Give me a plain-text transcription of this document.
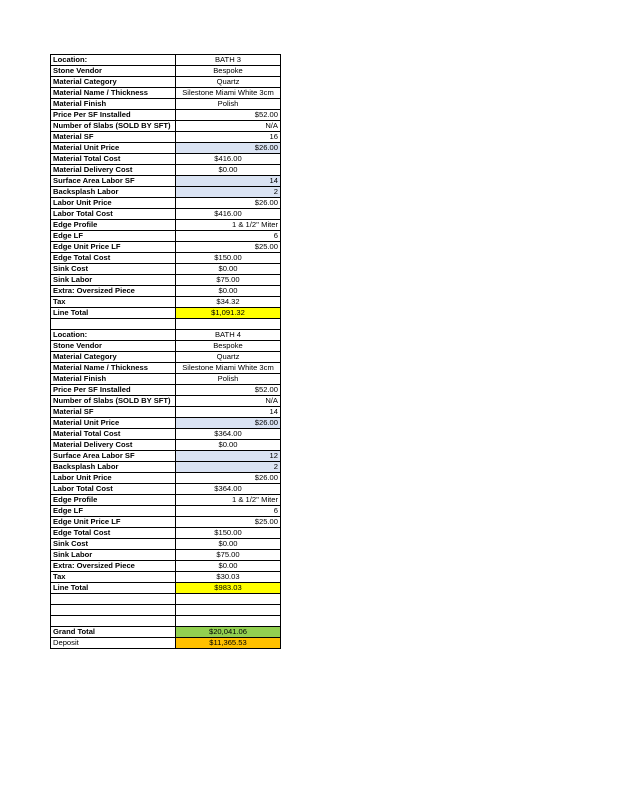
Location:	BATH 3
Stone Vendor	Bespoke
Material Category	Quartz
Material Name / Thickness	Silestone Miami White 3cm
Material Finish	Polish
Price Per SF Installed	$52.00
Number of Slabs (SOLD BY SFT)	N/A
Material SF	16
Material Unit Price	$26.00
Material Total Cost	$416.00
Material Delivery Cost	$0.00
Surface Area Labor SF	14
Backsplash Labor	2
Labor Unit Price	$26.00
Labor Total Cost	$416.00
Edge Profile	1 & 1/2'' Miter
Edge LF	6
Edge Unit Price LF	$25.00
Edge Total Cost	$150.00
Sink Cost	$0.00
Sink Labor	$75.00
Extra: Oversized Piece	$0.00
Tax	$34.32
Line Total	$1,091.32

Location:	BATH 4
Stone Vendor	Bespoke
Material Category	Quartz
Material Name / Thickness	Silestone Miami White 3cm
Material Finish	Polish
Price Per SF Installed	$52.00
Number of Slabs (SOLD BY SFT)	N/A
Material SF	14
Material Unit Price	$26.00
Material Total Cost	$364.00
Material Delivery Cost	$0.00
Surface Area Labor SF	12
Backsplash Labor	2
Labor Unit Price	$26.00
Labor Total Cost	$364.00
Edge Profile	1 & 1/2'' Miter
Edge LF	6
Edge Unit Price LF	$25.00
Edge Total Cost	$150.00
Sink Cost	$0.00
Sink Labor	$75.00
Extra: Oversized Piece	$0.00
Tax	$30.03
Line Total	$983.03

Grand Total	$20,041.06
Deposit	$11,365.53
